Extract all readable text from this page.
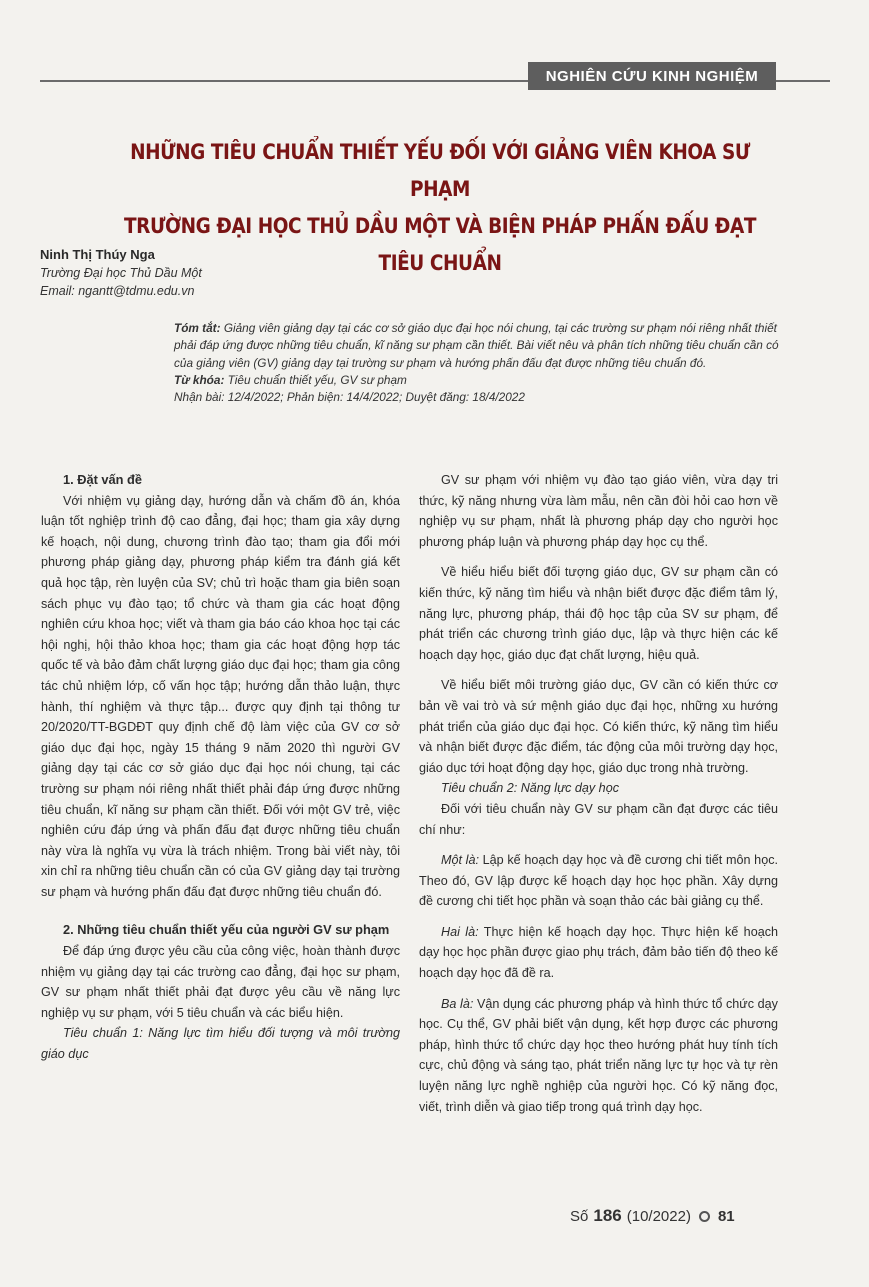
NGHIÊN CỨU KINH NGHIỆM
NHỮNG TIÊU CHUẨN THIẾT YẾU ĐỐI VỚI GIẢNG VIÊN KHOA SƯ PHẠM
TRƯỜNG ĐẠI HỌC THỦ DẦU MỘT VÀ BIỆN PHÁP PHẤN ĐẤU ĐẠT TIÊU CHUẨN
Ninh Thị Thúy Nga
Trường Đại học Thủ Dầu Một
Email: ngantt@tdmu.edu.vn

Tóm tắt: Giảng viên giảng dạy tại các cơ sở giáo dục đại học nói chung, tại các trường sư phạm nói riêng nhất thiết phải đáp ứng được những tiêu chuẩn, kĩ năng sư phạm cần thiết. Bài viết nêu và phân tích những tiêu chuẩn cần có của giảng viên (GV) giảng dạy tại trường sư phạm và hướng phấn đấu đạt được những tiêu chuẩn đó.

Từ khóa: Tiêu chuẩn thiết yếu, GV sư phạm

Nhận bài: 12/4/2022; Phản biện: 14/4/2022; Duyệt đăng: 18/4/2022

1. Đặt vấn đề

Với nhiệm vụ giảng dạy, hướng dẫn và chấm đồ án, khóa luận tốt nghiệp trình độ cao đẳng, đại học; tham gia xây dựng kế hoạch, nội dung, chương trình đào tạo; tham gia đổi mới phương pháp giảng dạy, phương pháp kiểm tra đánh giá kết quả học tập, rèn luyện của SV; chủ trì hoặc tham gia biên soạn sách phục vụ đào tạo; tổ chức và tham gia các hoạt động nghiên cứu khoa học; viết và tham gia báo cáo khoa học tại các hội nghị, hội thảo khoa học; tham gia các hoạt động hợp tác quốc tế và bảo đảm chất lượng giáo dục đại học; tham gia công tác chủ nhiệm lớp, cố vấn học tập; hướng dẫn thảo luận, thực hành, thí nghiệm và thực tập... được quy định tại thông tư 20/2020/TT-BGDĐT quy định chế độ làm việc của GV cơ sở giáo dục đại học, ngày 15 tháng 9 năm 2020 thì người GV giảng dạy tại các cơ sở giáo dục đại học nói chung, tại các trường sư phạm nói riêng nhất thiết phải đáp ứng được những tiêu chuẩn, kĩ năng sư phạm cần thiết. Đối với một GV trẻ, việc nghiên cứu đáp ứng và phấn đấu đạt được những tiêu chuẩn này vừa là nghĩa vụ vừa là trách nhiệm. Trong bài viết này, tôi xin chỉ ra những tiêu chuẩn cần có của GV giảng dạy tại trường sư phạm và hướng phấn đấu đạt được những tiêu chuẩn đó.

2. Những tiêu chuẩn thiết yếu của người GV sư phạm

Để đáp ứng được yêu cầu của công việc, hoàn thành được nhiệm vụ giảng dạy tại các trường cao đẳng, đại học sư phạm, GV sư phạm nhất thiết phải đạt được yêu cầu về năng lực nghiệp vụ sư phạm, với 5 tiêu chuẩn và các biểu hiện.

Tiêu chuẩn 1: Năng lực tìm hiểu đối tượng và môi trường giáo dục

GV sư phạm với nhiệm vụ đào tạo giáo viên, vừa dạy tri thức, kỹ năng nhưng vừa làm mẫu, nên cần đòi hỏi cao hơn về nghiệp vụ sư phạm, nhất là phương pháp dạy cho người học phương pháp luận và phương pháp dạy học cụ thể.

Về hiểu hiểu biết đối tượng giáo dục, GV sư phạm cần có kiến thức, kỹ năng tìm hiểu và nhận biết được đặc điểm tâm lý, năng lực, phương pháp, thái độ học tập của SV sư phạm, để phát triển các chương trình giáo dục, lập và thực hiện các kế hoạch dạy học, giáo dục đạt chất lượng, hiệu quả.

Về hiểu biết môi trường giáo dục, GV cần có kiến thức cơ bản về vai trò và sứ mệnh giáo dục đại học, những xu hướng phát triển của giáo dục đại học. Có kiến thức, kỹ năng tìm hiểu và nhận biết được đặc điểm, tác động của môi trường dạy học, giáo dục tới hoạt động dạy học, giáo dục trong nhà trường.

Tiêu chuẩn 2: Năng lực dạy học

Đối với tiêu chuẩn này GV sư phạm cần đạt được các tiêu chí như:

Một là: Lập kế hoạch dạy học và đề cương chi tiết môn học. Theo đó, GV lập được kế hoạch dạy học học phần. Xây dựng đề cương chi tiết học phần và soạn thảo các bài giảng cụ thể.

Hai là: Thực hiện kế hoạch dạy học. Thực hiện kế hoạch dạy học học phần được giao phụ trách, đảm bảo tiến độ theo kế hoạch dạy học đã đề ra.

Ba là: Vận dụng các phương pháp và hình thức tổ chức dạy học. Cụ thể, GV phải biết vận dụng, kết hợp được các phương pháp, hình thức tổ chức dạy học theo hướng phát huy tính tích cực, chủ động và sáng tạo, phát triển năng lực tự học và tự rèn luyện năng lực nghề nghiệp của người học. Có kỹ năng đọc, viết, trình diễn và giao tiếp trong quá trình dạy học.

Số 186 (10/2022) 81
